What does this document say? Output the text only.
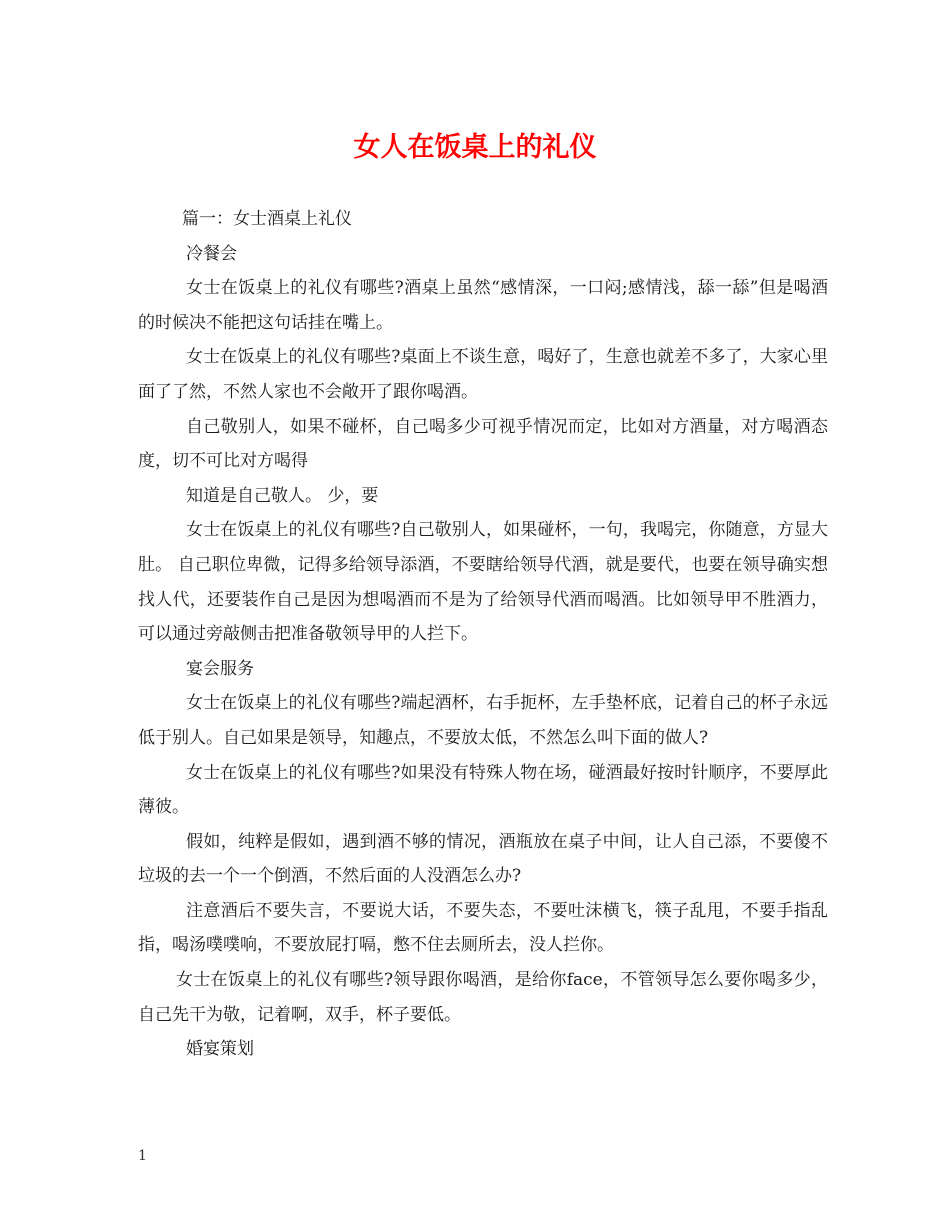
女人在饭桌上的礼仪

篇一：女士酒桌上礼仪

冷餐会

女士在饭桌上的礼仪有哪些?酒桌上虽然“感情深，一口闷;感情浅，舔一舔”但是喝酒的时候决不能把这句话挂在嘴上。

女士在饭桌上的礼仪有哪些?桌面上不谈生意，喝好了，生意也就差不多了，大家心里面了了然，不然人家也不会敞开了跟你喝酒。

自己敬别人，如果不碰杯，自己喝多少可视乎情况而定，比如对方酒量，对方喝酒态度，切不可比对方喝得

知道是自己敬人。 少，要

女士在饭桌上的礼仪有哪些?自己敬别人，如果碰杯，一句，我喝完，你随意，方显大肚。 自己职位卑微，记得多给领导添酒，不要瞎给领导代酒，就是要代，也要在领导确实想找人代，还要装作自己是因为想喝酒而不是为了给领导代酒而喝酒。比如领导甲不胜酒力，可以通过旁敲侧击把准备敬领导甲的人拦下。

宴会服务

女士在饭桌上的礼仪有哪些?端起酒杯，右手扼杯，左手垫杯底，记着自己的杯子永远低于别人。自己如果是领导，知趣点，不要放太低，不然怎么叫下面的做人?

女士在饭桌上的礼仪有哪些?如果没有特殊人物在场，碰酒最好按时针顺序，不要厚此薄彼。

假如，纯粹是假如，遇到酒不够的情况，酒瓶放在桌子中间，让人自己添，不要傻不垃圾的去一个一个倒酒，不然后面的人没酒怎么办?

注意酒后不要失言，不要说大话，不要失态，不要吐沫横飞，筷子乱甩，不要手指乱指，喝汤噗噗响，不要放屁打嗝，憋不住去厕所去，没人拦你。

女士在饭桌上的礼仪有哪些?领导跟你喝酒，是给你face，不管领导怎么要你喝多少，自己先干为敬，记着啊，双手，杯子要低。

婚宴策划

1
